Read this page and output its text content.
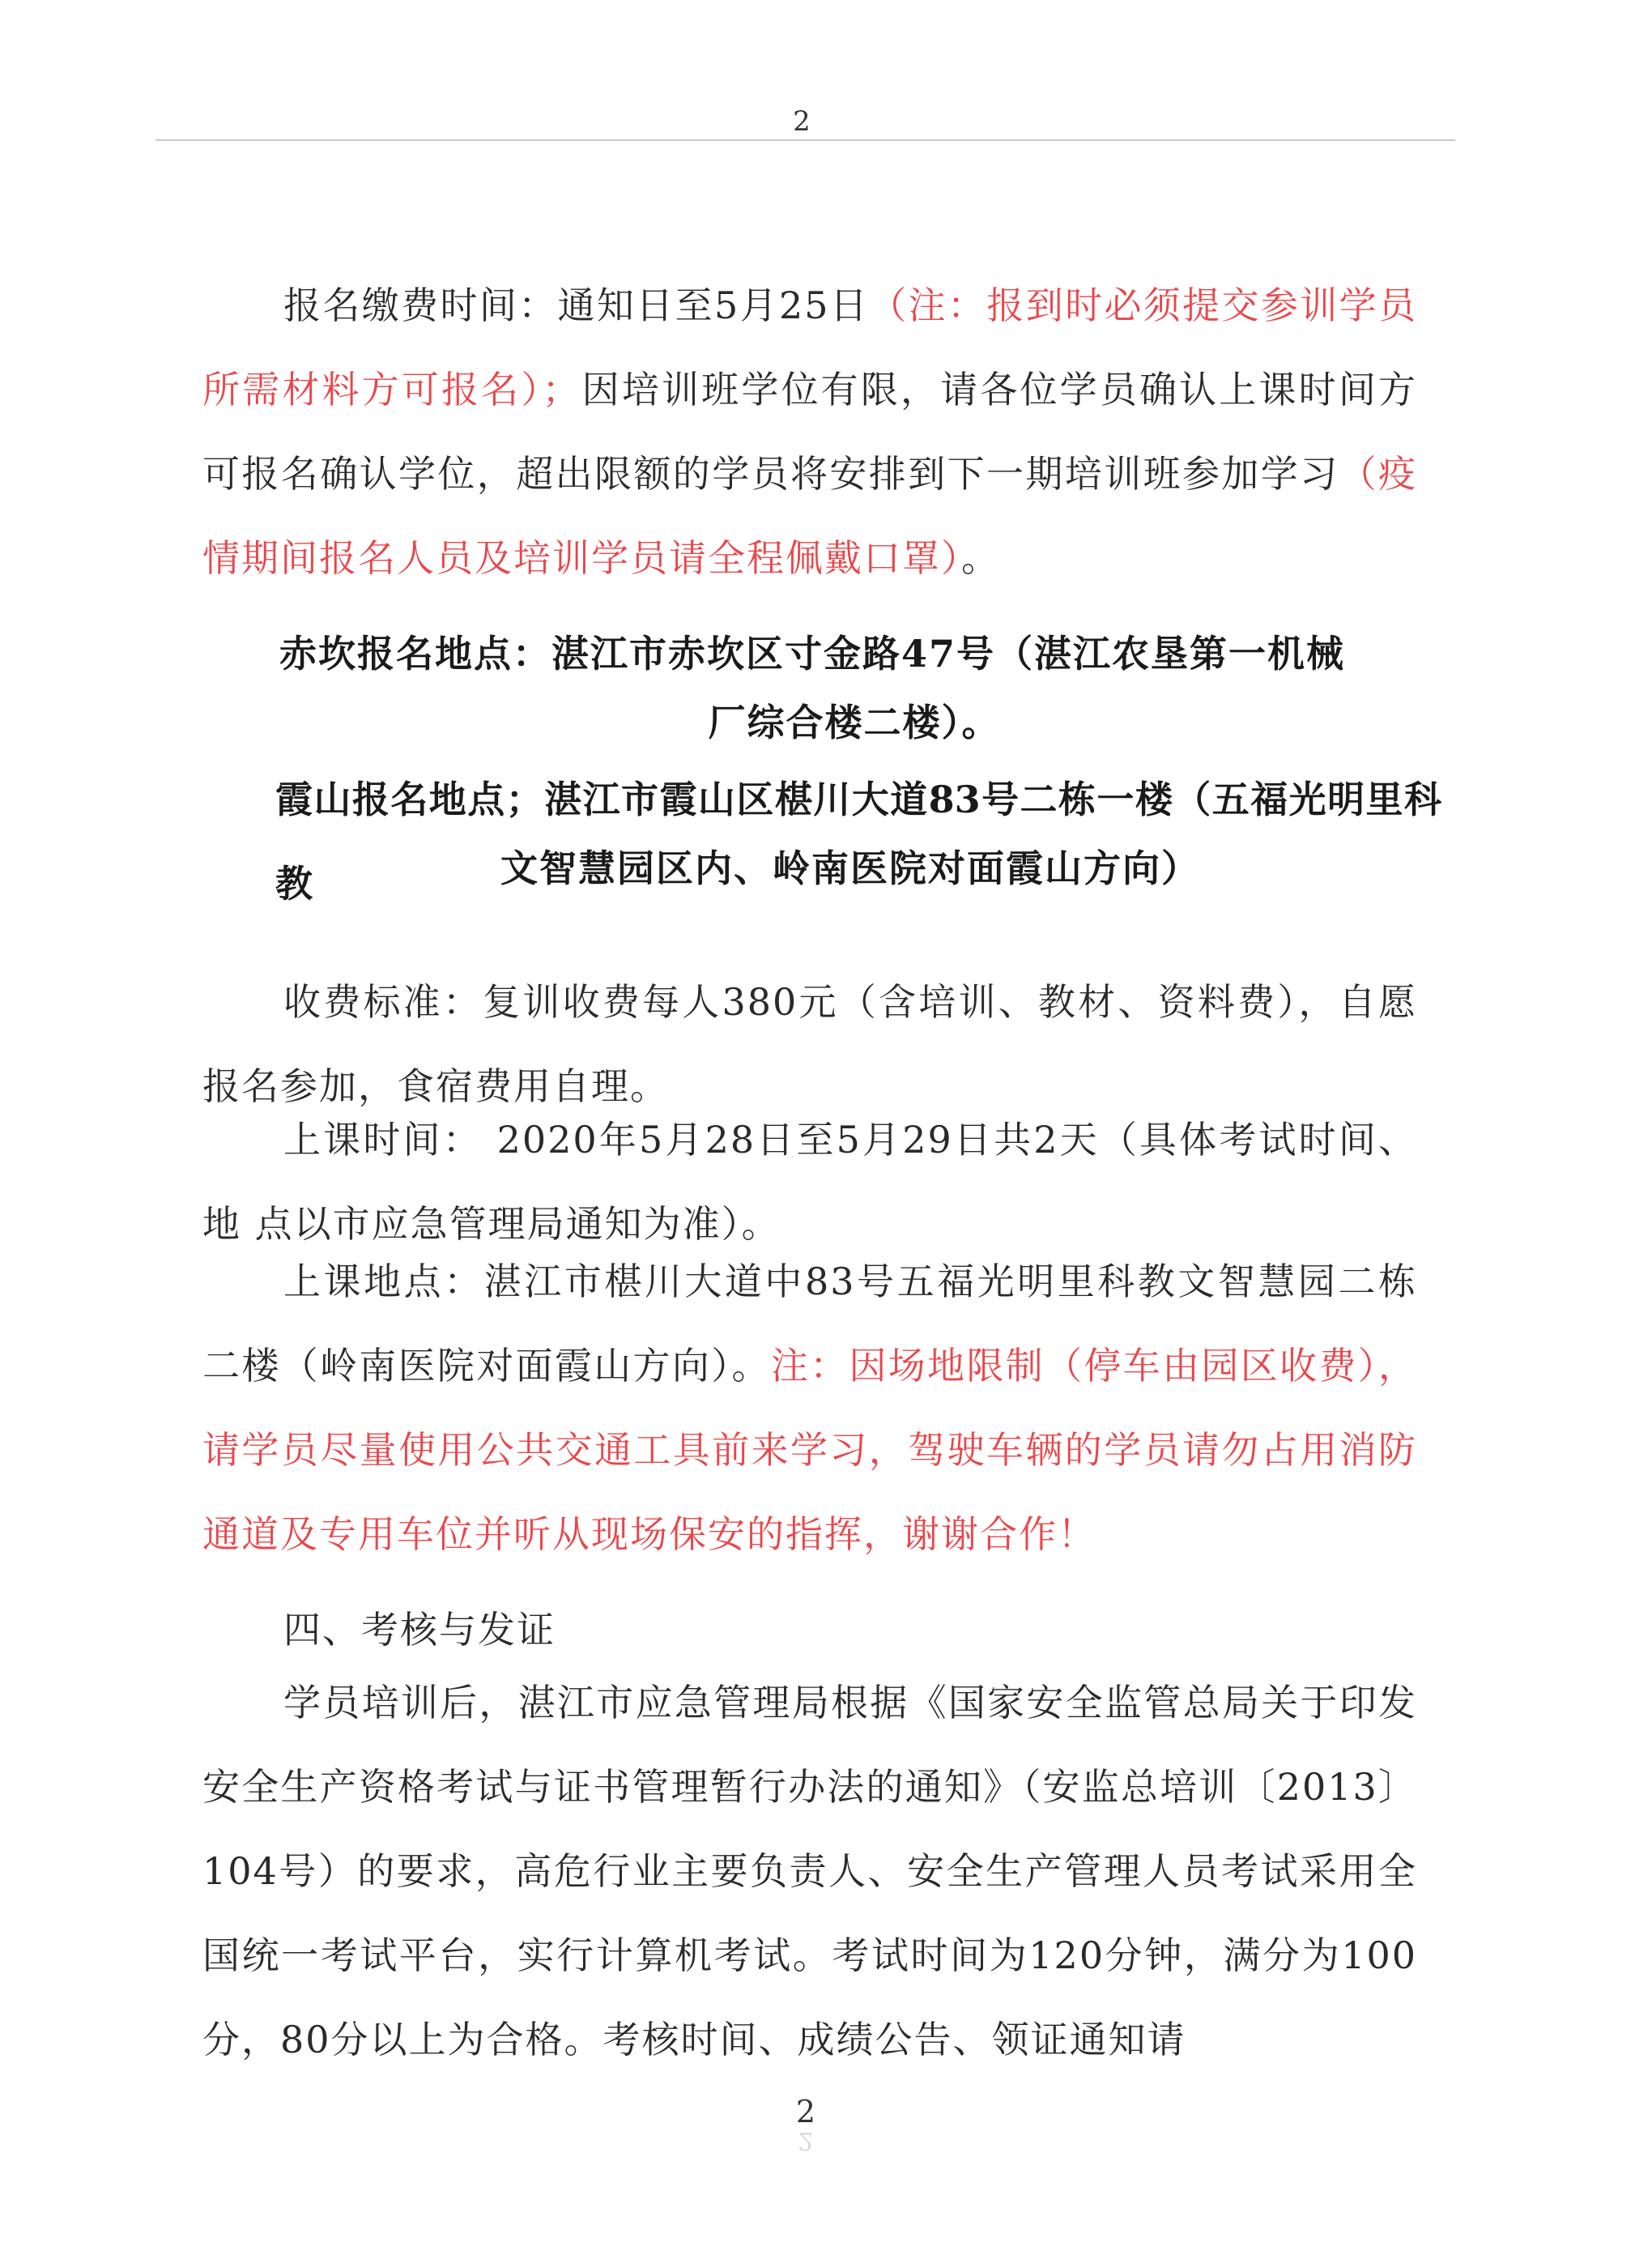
2

报名缴费时间：通知日至5月25日（注：报到时必须提交参训学员所需材料方可报名）；因培训班学位有限，请各位学员确认上课时间方可报名确认学位，超出限额的学员将安排到下一期培训班参加学习（疫情期间报名人员及培训学员请全程佩戴口罩）。

赤坎报名地点：湛江市赤坎区寸金路47号（湛江农垦第一机械

厂综合楼二楼）。

霞山报名地点；湛江市霞山区椹川大道83号二栋一楼（五福光明里科教	文智慧园区内、岭南医院对面霞山方向）

收费标准：复训收费每人380元（含培训、教材、资料费），自愿报名参加，食宿费用自理。

上课时间： 2020年5月28日至5月29日共2天（具体考试时间、地 点以市应急管理局通知为准）。

上课地点：湛江市椹川大道中83号五福光明里科教文智慧园二栋 二楼（岭南医院对面霞山方向）。注：因场地限制（停车由园区收费），请学员尽量使用公共交通工具前来学习，驾驶车辆的学员请勿占用消防通道及专用车位并听从现场保安的指挥，谢谢合作！

四、考核与发证

学员培训后，湛江市应急管理局根据《国家安全监管总局关于印发安全生产资格考试与证书管理暂行办法的通知》（安监总培训〔2013〕104号）的要求，高危行业主要负责人、安全生产管理人员考试采用全国统一考试平台，实行计算机考试。考试时间为120分钟，满分为100分，80分以上为合格。考核时间、成绩公告、领证通知请

2
2
